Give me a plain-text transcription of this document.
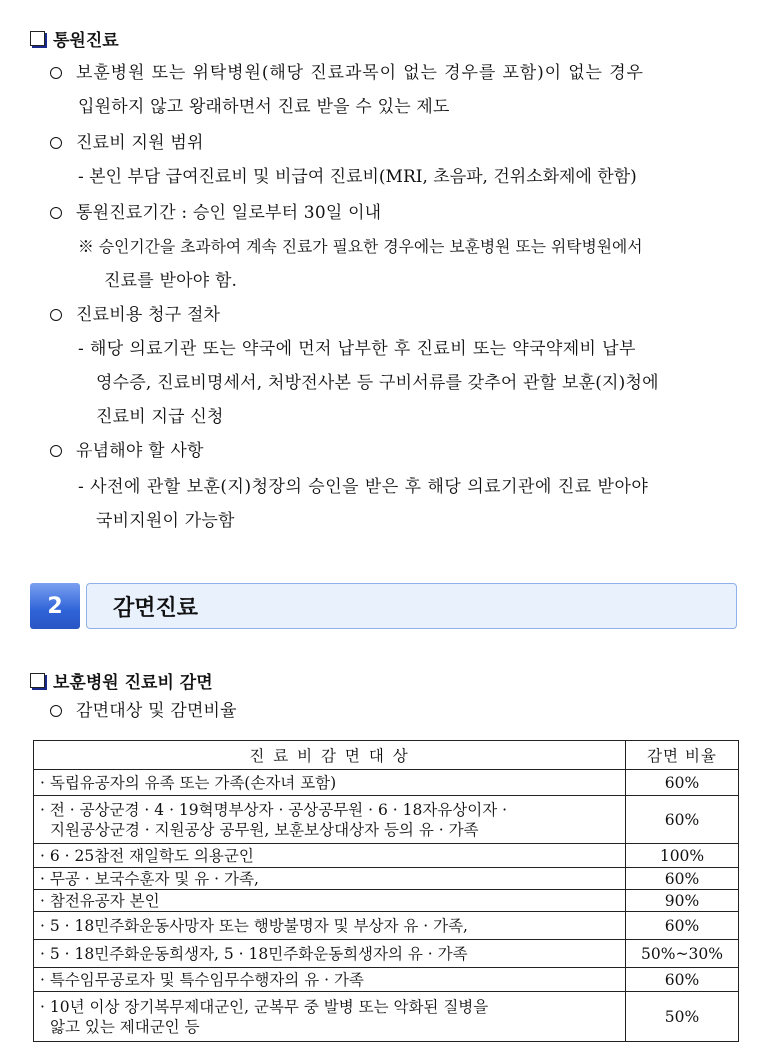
통원진료
보훈병원 또는 위탁병원(해당 진료과목이 없는 경우를 포함)이 없는 경우
입원하지 않고 왕래하면서 진료 받을 수 있는 제도
진료비 지원 범위
- 본인 부담 급여진료비 및 비급여 진료비(MRI, 초음파, 건위소화제에 한함)
통원진료기간 : 승인 일로부터 30일 이내
※ 승인기간을 초과하여 계속 진료가 필요한 경우에는 보훈병원 또는 위탁병원에서
진료를 받아야 함.
진료비용 청구 절차
- 해당 의료기관 또는 약국에 먼저 납부한 후 진료비 또는 약국약제비 납부
영수증, 진료비명세서, 처방전사본 등 구비서류를 갖추어 관할 보훈(지)청에
진료비 지급 신청
유념해야 할 사항
- 사전에 관할 보훈(지)청장의 승인을 받은 후 해당 의료기관에 진료 받아야
국비지원이 가능함
2	감면진료
보훈병원 진료비 감면
감면대상 및 감면비율
진 료 비 감 면 대 상	감면 비율
· 독립유공자의 유족 또는 가족(손자녀 포함)	60%

· 전 · 공상군경 · 4 · 19혁명부상자 · 공상공무원 · 6 · 18자유상이자 ·
지원공상군경 · 지원공상 공무원, 보훈보상대상자 등의 유 · 가족	60%
· 6 · 25참전 재일학도 의용군인	100%
· 무공 · 보국수훈자 및 유 · 가족,	60%
· 참전유공자 본인	90%
· 5 · 18민주화운동사망자 또는 행방불명자 및 부상자 유 · 가족,	60%
· 5 · 18민주화운동희생자, 5 · 18민주화운동희생자의 유 · 가족	50%~30%
· 특수임무공로자 및 특수임무수행자의 유 · 가족	60%

· 10년 이상 장기복무제대군인, 군복무 중 발병 또는 악화된 질병을
앓고 있는 제대군인 등	50%
